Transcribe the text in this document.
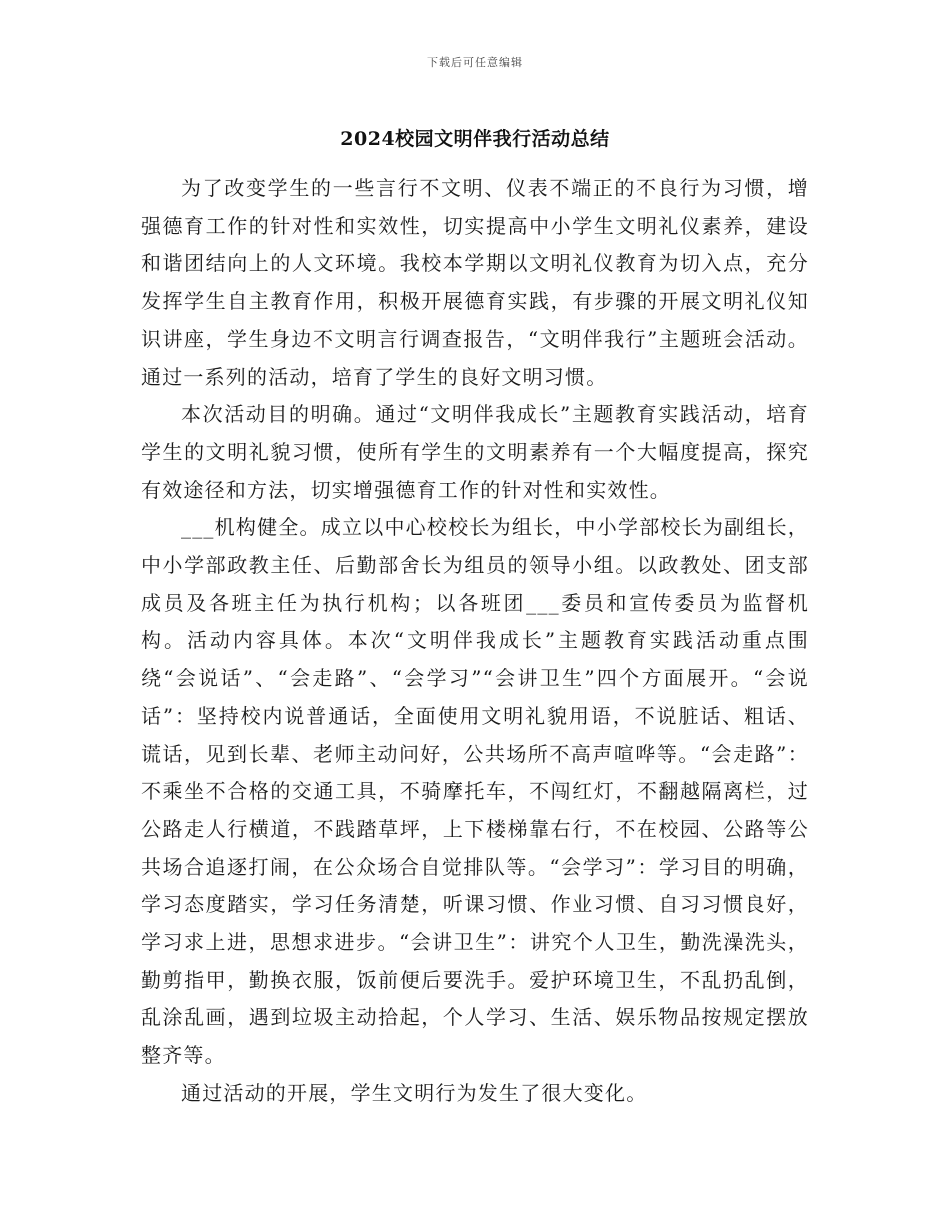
下载后可任意编辑
2024校园文明伴我行活动总结

为了改变学生的一些言行不文明、仪表不端正的不良行为习惯，增强德育工作的针对性和实效性，切实提高中小学生文明礼仪素养，建设和谐团结向上的人文环境。我校本学期以文明礼仪教育为切入点，充分发挥学生自主教育作用，积极开展德育实践，有步骤的开展文明礼仪知识讲座，学生身边不文明言行调查报告，“文明伴我行”主题班会活动。通过一系列的活动，培育了学生的良好文明习惯。

本次活动目的明确。通过“文明伴我成长”主题教育实践活动，培育学生的文明礼貌习惯，使所有学生的文明素养有一个大幅度提高，探究有效途径和方法，切实增强德育工作的针对性和实效性。

___机构健全。成立以中心校校长为组长，中小学部校长为副组长，中小学部政教主任、后勤部舍长为组员的领导小组。以政教处、团支部成员及各班主任为执行机构；以各班团___委员和宣传委员为监督机构。活动内容具体。本次“文明伴我成长”主题教育实践活动重点围绕“会说话”、“会走路”、“会学习”“会讲卫生”四个方面展开。“会说话”：坚持校内说普通话，全面使用文明礼貌用语，不说脏话、粗话、谎话，见到长辈、老师主动问好，公共场所不高声喧哗等。“会走路”：不乘坐不合格的交通工具，不骑摩托车，不闯红灯，不翻越隔离栏，过公路走人行横道，不践踏草坪，上下楼梯靠右行，不在校园、公路等公共场合追逐打闹，在公众场合自觉排队等。“会学习”：学习目的明确，学习态度踏实，学习任务清楚，听课习惯、作业习惯、自习习惯良好，学习求上进，思想求进步。“会讲卫生”：讲究个人卫生，勤洗澡洗头，勤剪指甲，勤换衣服，饭前便后要洗手。爱护环境卫生，不乱扔乱倒，乱涂乱画，遇到垃圾主动拾起，个人学习、生活、娱乐物品按规定摆放整齐等。

通过活动的开展，学生文明行为发生了很大变化。
